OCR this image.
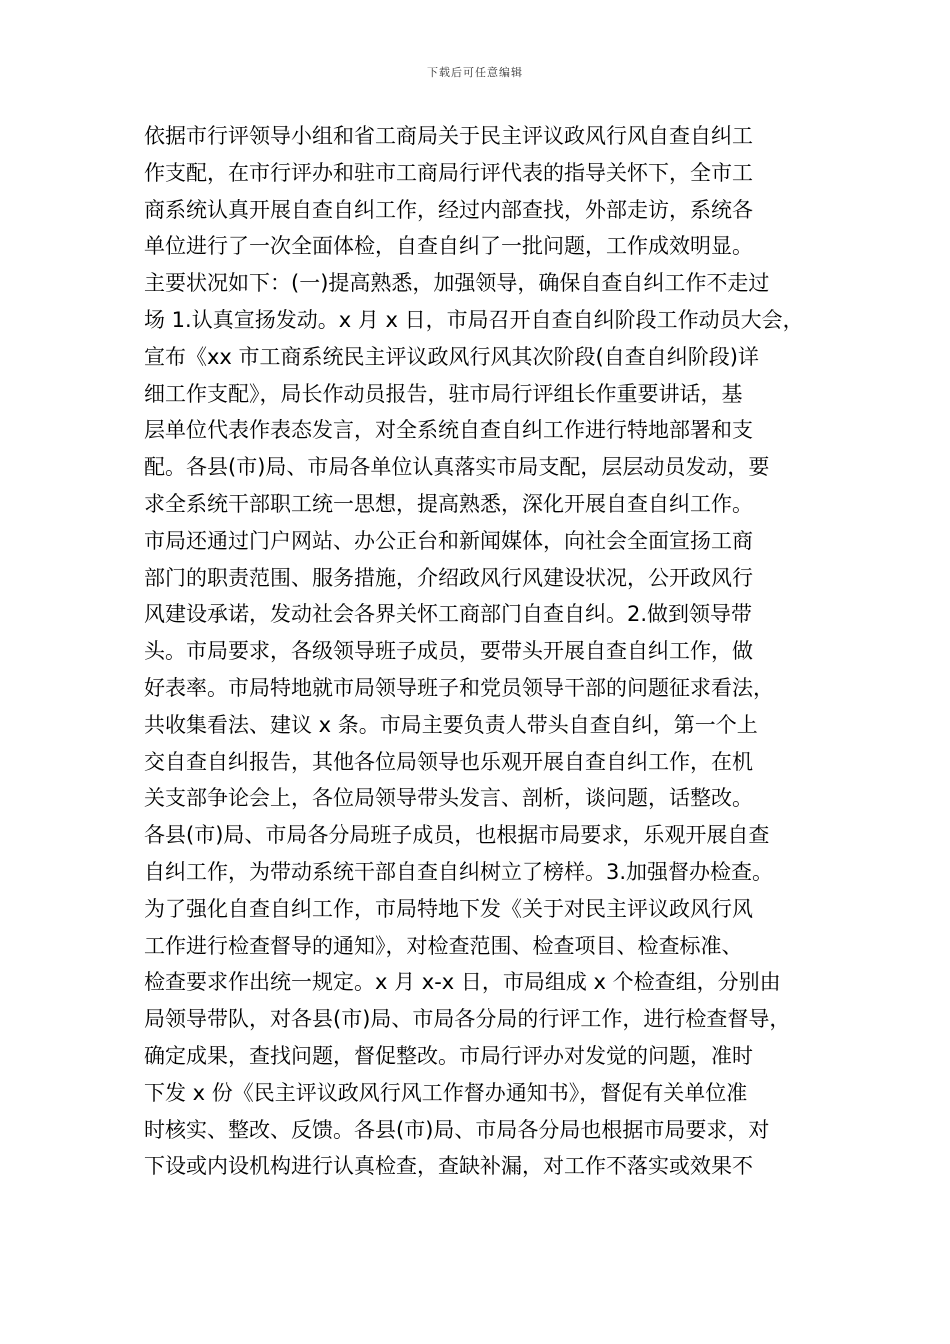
下载后可任意编辑
依据市行评领导小组和省工商局关于民主评议政风行风自查自纠工
作支配，在市行评办和驻市工商局行评代表的指导关怀下，全市工
商系统认真开展自查自纠工作，经过内部查找，外部走访，系统各
单位进行了一次全面体检，自查自纠了一批问题，工作成效明显。
主要状况如下：(一)提高熟悉，加强领导，确保自查自纠工作不走过
场 1.认真宣扬发动。x 月 x 日，市局召开自查自纠阶段工作动员大会，
宣布《xx 市工商系统民主评议政风行风其次阶段(自查自纠阶段)详
细工作支配》，局长作动员报告，驻市局行评组长作重要讲话，基
层单位代表作表态发言，对全系统自查自纠工作进行特地部署和支
配。各县(市)局、市局各单位认真落实市局支配，层层动员发动，要
求全系统干部职工统一思想，提高熟悉，深化开展自查自纠工作。
市局还通过门户网站、办公正台和新闻媒体，向社会全面宣扬工商
部门的职责范围、服务措施，介绍政风行风建设状况，公开政风行
风建设承诺，发动社会各界关怀工商部门自查自纠。2.做到领导带
头。市局要求，各级领导班子成员，要带头开展自查自纠工作，做
好表率。市局特地就市局领导班子和党员领导干部的问题征求看法，
共收集看法、建议 x 条。市局主要负责人带头自查自纠，第一个上
交自查自纠报告，其他各位局领导也乐观开展自查自纠工作，在机
关支部争论会上，各位局领导带头发言、剖析，谈问题，话整改。
各县(市)局、市局各分局班子成员，也根据市局要求，乐观开展自查
自纠工作，为带动系统干部自查自纠树立了榜样。3.加强督办检查。
为了强化自查自纠工作，市局特地下发《关于对民主评议政风行风
工作进行检查督导的通知》，对检查范围、检查项目、检查标准、
检查要求作出统一规定。x 月 x-x 日，市局组成 x 个检查组，分别由
局领导带队，对各县(市)局、市局各分局的行评工作，进行检查督导，
确定成果，查找问题，督促整改。市局行评办对发觉的问题，准时
下发 x 份《民主评议政风行风工作督办通知书》，督促有关单位准
时核实、整改、反馈。各县(市)局、市局各分局也根据市局要求，对
下设或内设机构进行认真检查，查缺补漏，对工作不落实或效果不
